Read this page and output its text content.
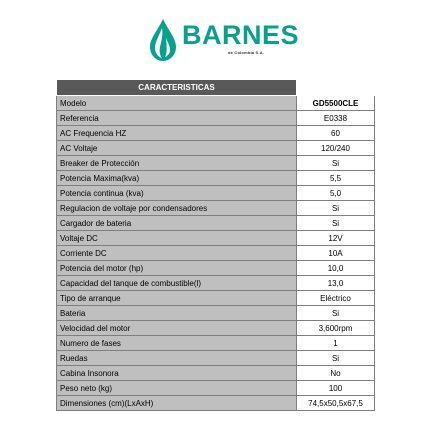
BARNES
de Colombia S.A.
CARACTERISTICAS	
Modelo	GD5500CLE
Referencia	E0338
AC Frequencia HZ	60
AC Voltaje	120/240
Breaker de Protección	Si
Potencia Maxima(kva)	5,5
Potencia continua (kva)	5,0
Regulacion de voltaje por condensadores	Si
Cargador de bateria	Si
Voltaje DC	12V
Corriente DC	10A
Potencia del motor (hp)	10,0
Capacidad del tanque de combustible(l)	13,0
Tipo de arranque	Eléctrico
Bateria	Si
Velocidad del motor	3,600rpm
Numero de fases	1
Ruedas	Si
Cabina Insonora	No
Peso neto (kg)	100
Dimensiones (cm)(LxAxH)	74,5x50,5x67,5
